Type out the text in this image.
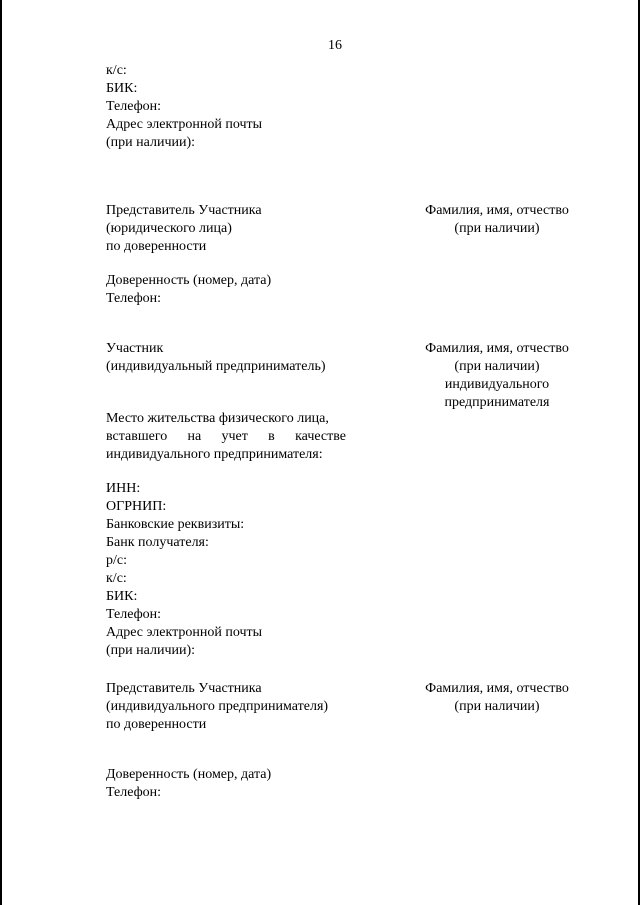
16
к/с:
БИК:
Телефон:
Адрес электронной почты
(при наличии):
Представитель Участника
(юридического лица)
по доверенности
Фамилия, имя, отчество
(при наличии)
Доверенность (номер, дата)
Телефон:
Участник
(индивидуальный предприниматель)
Фамилия, имя, отчество
(при наличии)
индивидуального
предпринимателя
Место жительства физического лица,
вставшего на учет в качестве
индивидуального предпринимателя:
ИНН:
ОГРНИП:
Банковские реквизиты:
Банк получателя:
р/с:
к/с:
БИК:
Телефон:
Адрес электронной почты
(при наличии):
Представитель Участника
(индивидуального предпринимателя)
по доверенности
Фамилия, имя, отчество
(при наличии)
Доверенность (номер, дата)
Телефон:
